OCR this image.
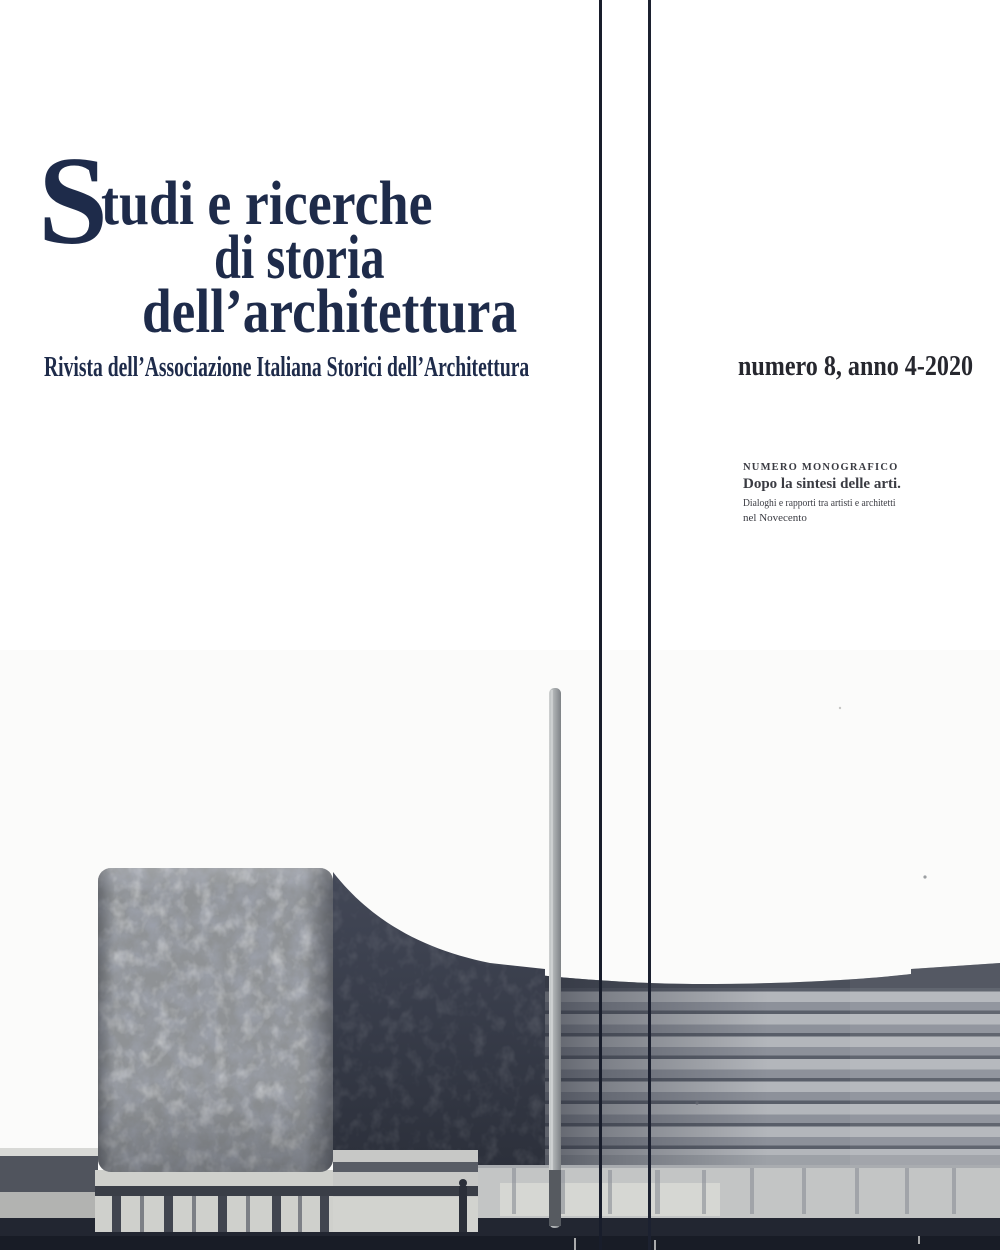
S
tudi e ricerche
di storia
dell’architettura
Rivista dell’Associazione Italiana Storici dell’Architettura	numero 8, anno 4-2020
NUMERO MONOGRAFICO
Dopo la sintesi delle arti.
Dialoghi e rapporti tra artisti e architetti
nel Novecento
